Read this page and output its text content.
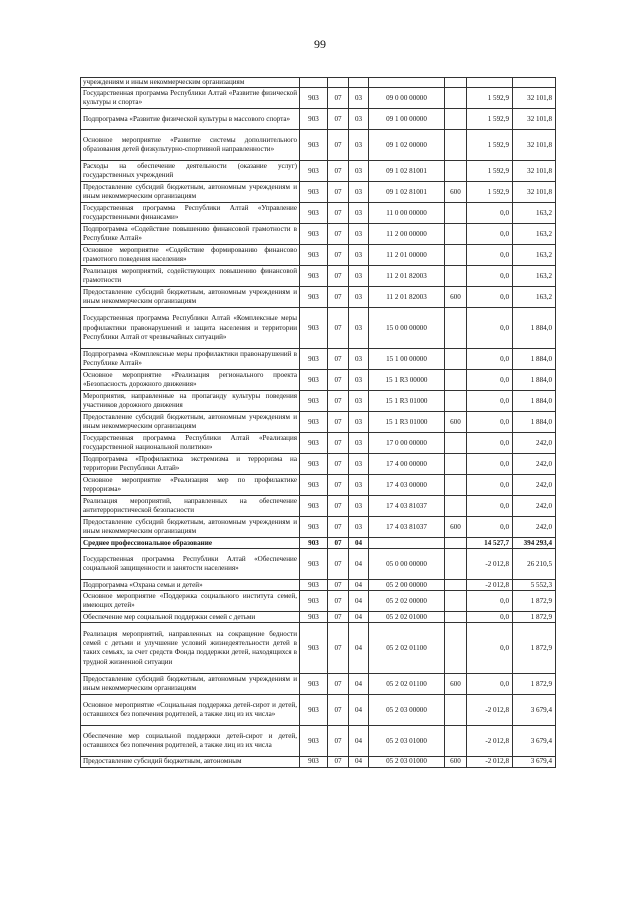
99
учреждениям и иным некоммерческим организациям							
Государственная программа Республики Алтай «Развитие физической культуры и спорта»	903	07	03	09 0 00 00000		1 592,9	32 101,8
Подпрограмма «Развитие физической культуры в массового спорта»	903	07	03	09 1 00 00000		1 592,9	32 101,8
Основное мероприятие «Развитие системы дополнительного образования детей физкультурно-спортивной направленности»	903	07	03	09 1 02 00000		1 592,9	32 101,8
Расходы на обеспечение деятельности (оказание услуг) государственных учреждений	903	07	03	09 1 02 81001		1 592,9	32 101,8
Предоставление субсидий бюджетным, автономным учреждениям и иным некоммерческим организациям	903	07	03	09 1 02 81001	600	1 592,9	32 101,8
Государственная программа Республики Алтай «Управление государственными финансами»	903	07	03	11 0 00 00000		0,0	163,2
Подпрограмма «Содействие повышению финансовой грамотности в Республике Алтай»	903	07	03	11 2 00 00000		0,0	163,2
Основное мероприятие «Содействие формированию финансово грамотного поведения населения»	903	07	03	11 2 01 00000		0,0	163,2
Реализация мероприятий, содействующих повышению финансовой грамотности	903	07	03	11 2 01 82003		0,0	163,2
Предоставление субсидий бюджетным, автономным учреждениям и иным некоммерческим организациям	903	07	03	11 2 01 82003	600	0,0	163,2
Государственная программа Республики Алтай «Комплексные меры профилактики правонарушений и защита населения и территории Республики Алтай от чрезвычайных ситуаций»	903	07	03	15 0 00 00000		0,0	1 884,0
Подпрограмма «Комплексные меры профилактики правонарушений в Республике Алтай»	903	07	03	15 1 00 00000		0,0	1 884,0
Основное мероприятие «Реализация регионального проекта «Безопасность дорожного движения»	903	07	03	15 1 R3 00000		0,0	1 884,0
Мероприятия, направленные на пропаганду культуры поведения участников дорожного движения	903	07	03	15 1 R3 01000		0,0	1 884,0
Предоставление субсидий бюджетным, автономным учреждениям и иным некоммерческим организациям	903	07	03	15 1 R3 01000	600	0,0	1 884,0
Государственная программа Республики Алтай «Реализация государственной национальной политики»	903	07	03	17 0 00 00000		0,0	242,0
Подпрограмма «Профилактика экстремизма и терроризма на территории Республики Алтай»	903	07	03	17 4 00 00000		0,0	242,0
Основное мероприятие «Реализация мер по профилактике терроризма»	903	07	03	17 4 03 00000		0,0	242,0
Реализация мероприятий, направленных на обеспечение антитеррористической безопасности	903	07	03	17 4 03 81037		0,0	242,0
Предоставление субсидий бюджетным, автономным учреждениям и иным некоммерческим организациям	903	07	03	17 4 03 81037	600	0,0	242,0
Среднее профессиональное образование	903	07	04			14 527,7	394 293,4
Государственная программа Республики Алтай «Обеспечение социальной защищенности и занятости населения»	903	07	04	05 0 00 00000		-2 012,8	26 210,5
Подпрограмма «Охрана семьи и детей»	903	07	04	05 2 00 00000		-2 012,8	5 552,3
Основное мероприятие «Поддержка социального института семей, имеющих детей»	903	07	04	05 2 02 00000		0,0	1 872,9
Обеспечение мер социальной поддержки семей с детьми	903	07	04	05 2 02 01000		0,0	1 872,9
Реализация мероприятий, направленных на сокращение бедности семей с детьми и улучшение условий жизнедеятельности детей в таких семьях, за счет средств Фонда поддержки детей, находящихся в трудной жизненной ситуации	903	07	04	05 2 02 01100		0,0	1 872,9
Предоставление субсидий бюджетным, автономным учреждениям и иным некоммерческим организациям	903	07	04	05 2 02 01100	600	0,0	1 872,9
Основное мероприятие «Социальная поддержка детей-сирот и детей, оставшихся без попечения родителей, а также лиц из их числа»	903	07	04	05 2 03 00000		-2 012,8	3 679,4
Обеспечение мер социальной поддержки детей-сирот и детей, оставшихся без попечения родителей, а также лиц из их числа	903	07	04	05 2 03 01000		-2 012,8	3 679,4
Предоставление субсидий бюджетным, автономным	903	07	04	05 2 03 01000	600	-2 012,8	3 679,4
